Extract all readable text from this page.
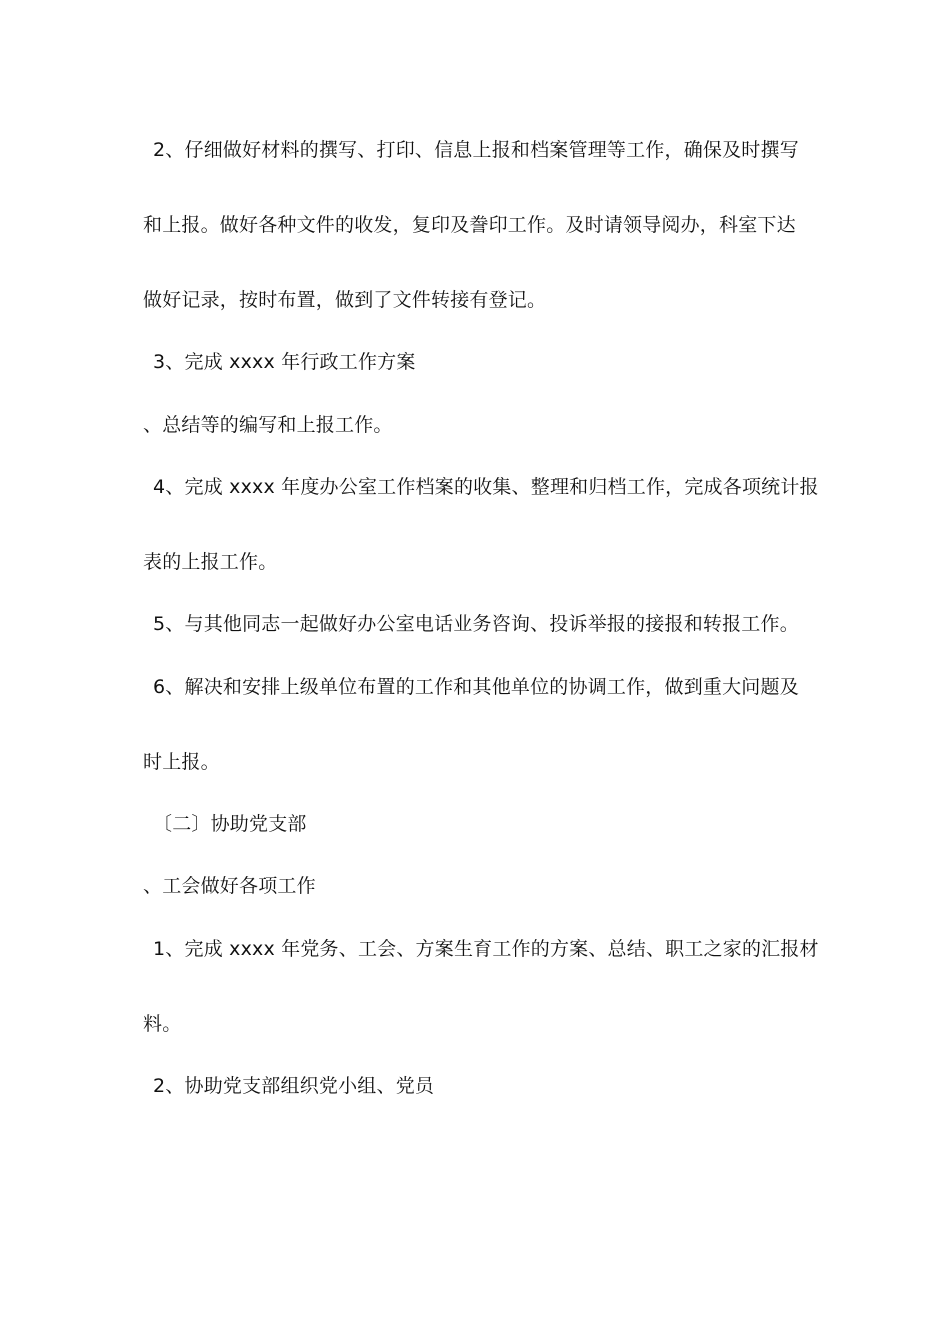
2、仔细做好材料的撰写、打印、信息上报和档案管理等工作，确保及时撰写
和上报。做好各种文件的收发，复印及誊印工作。及时请领导阅办，科室下达
做好记录，按时布置，做到了文件转接有登记。
3、完成 xxxx 年行政工作方案
、总结等的编写和上报工作。
4、完成 xxxx 年度办公室工作档案的收集、整理和归档工作，完成各项统计报
表的上报工作。
5、与其他同志一起做好办公室电话业务咨询、投诉举报的接报和转报工作。
6、解决和安排上级单位布置的工作和其他单位的协调工作，做到重大问题及
时上报。
〔二〕协助党支部
、工会做好各项工作
1、完成 xxxx 年党务、工会、方案生育工作的方案、总结、职工之家的汇报材
料。
2、协助党支部组织党小组、党员
